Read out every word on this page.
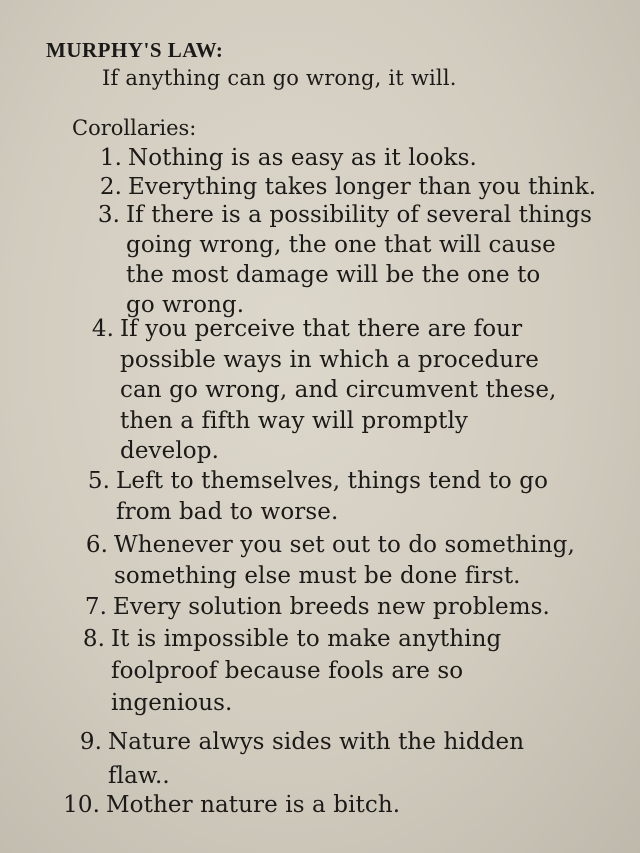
MURPHY'S LAW:
If anything can go wrong, it will.
Corollaries:
1. Nothing is as easy as it looks.
2. Everything takes longer than you think.
3. If there is a possibility of several things
going wrong, the one that will cause
the most damage will be the one to
go wrong.
4. If you perceive that there are four
possible ways in which a procedure
can go wrong, and circumvent these,
then a fifth way will promptly
develop.
5. Left to themselves, things tend to go
from bad to worse.
6. Whenever you set out to do something,
something else must be done first.
7. Every solution breeds new problems.
8. It is impossible to make anything
foolproof because fools are so
ingenious.
9. Nature alwys sides with the hidden
flaw..
10. Mother nature is a bitch.
